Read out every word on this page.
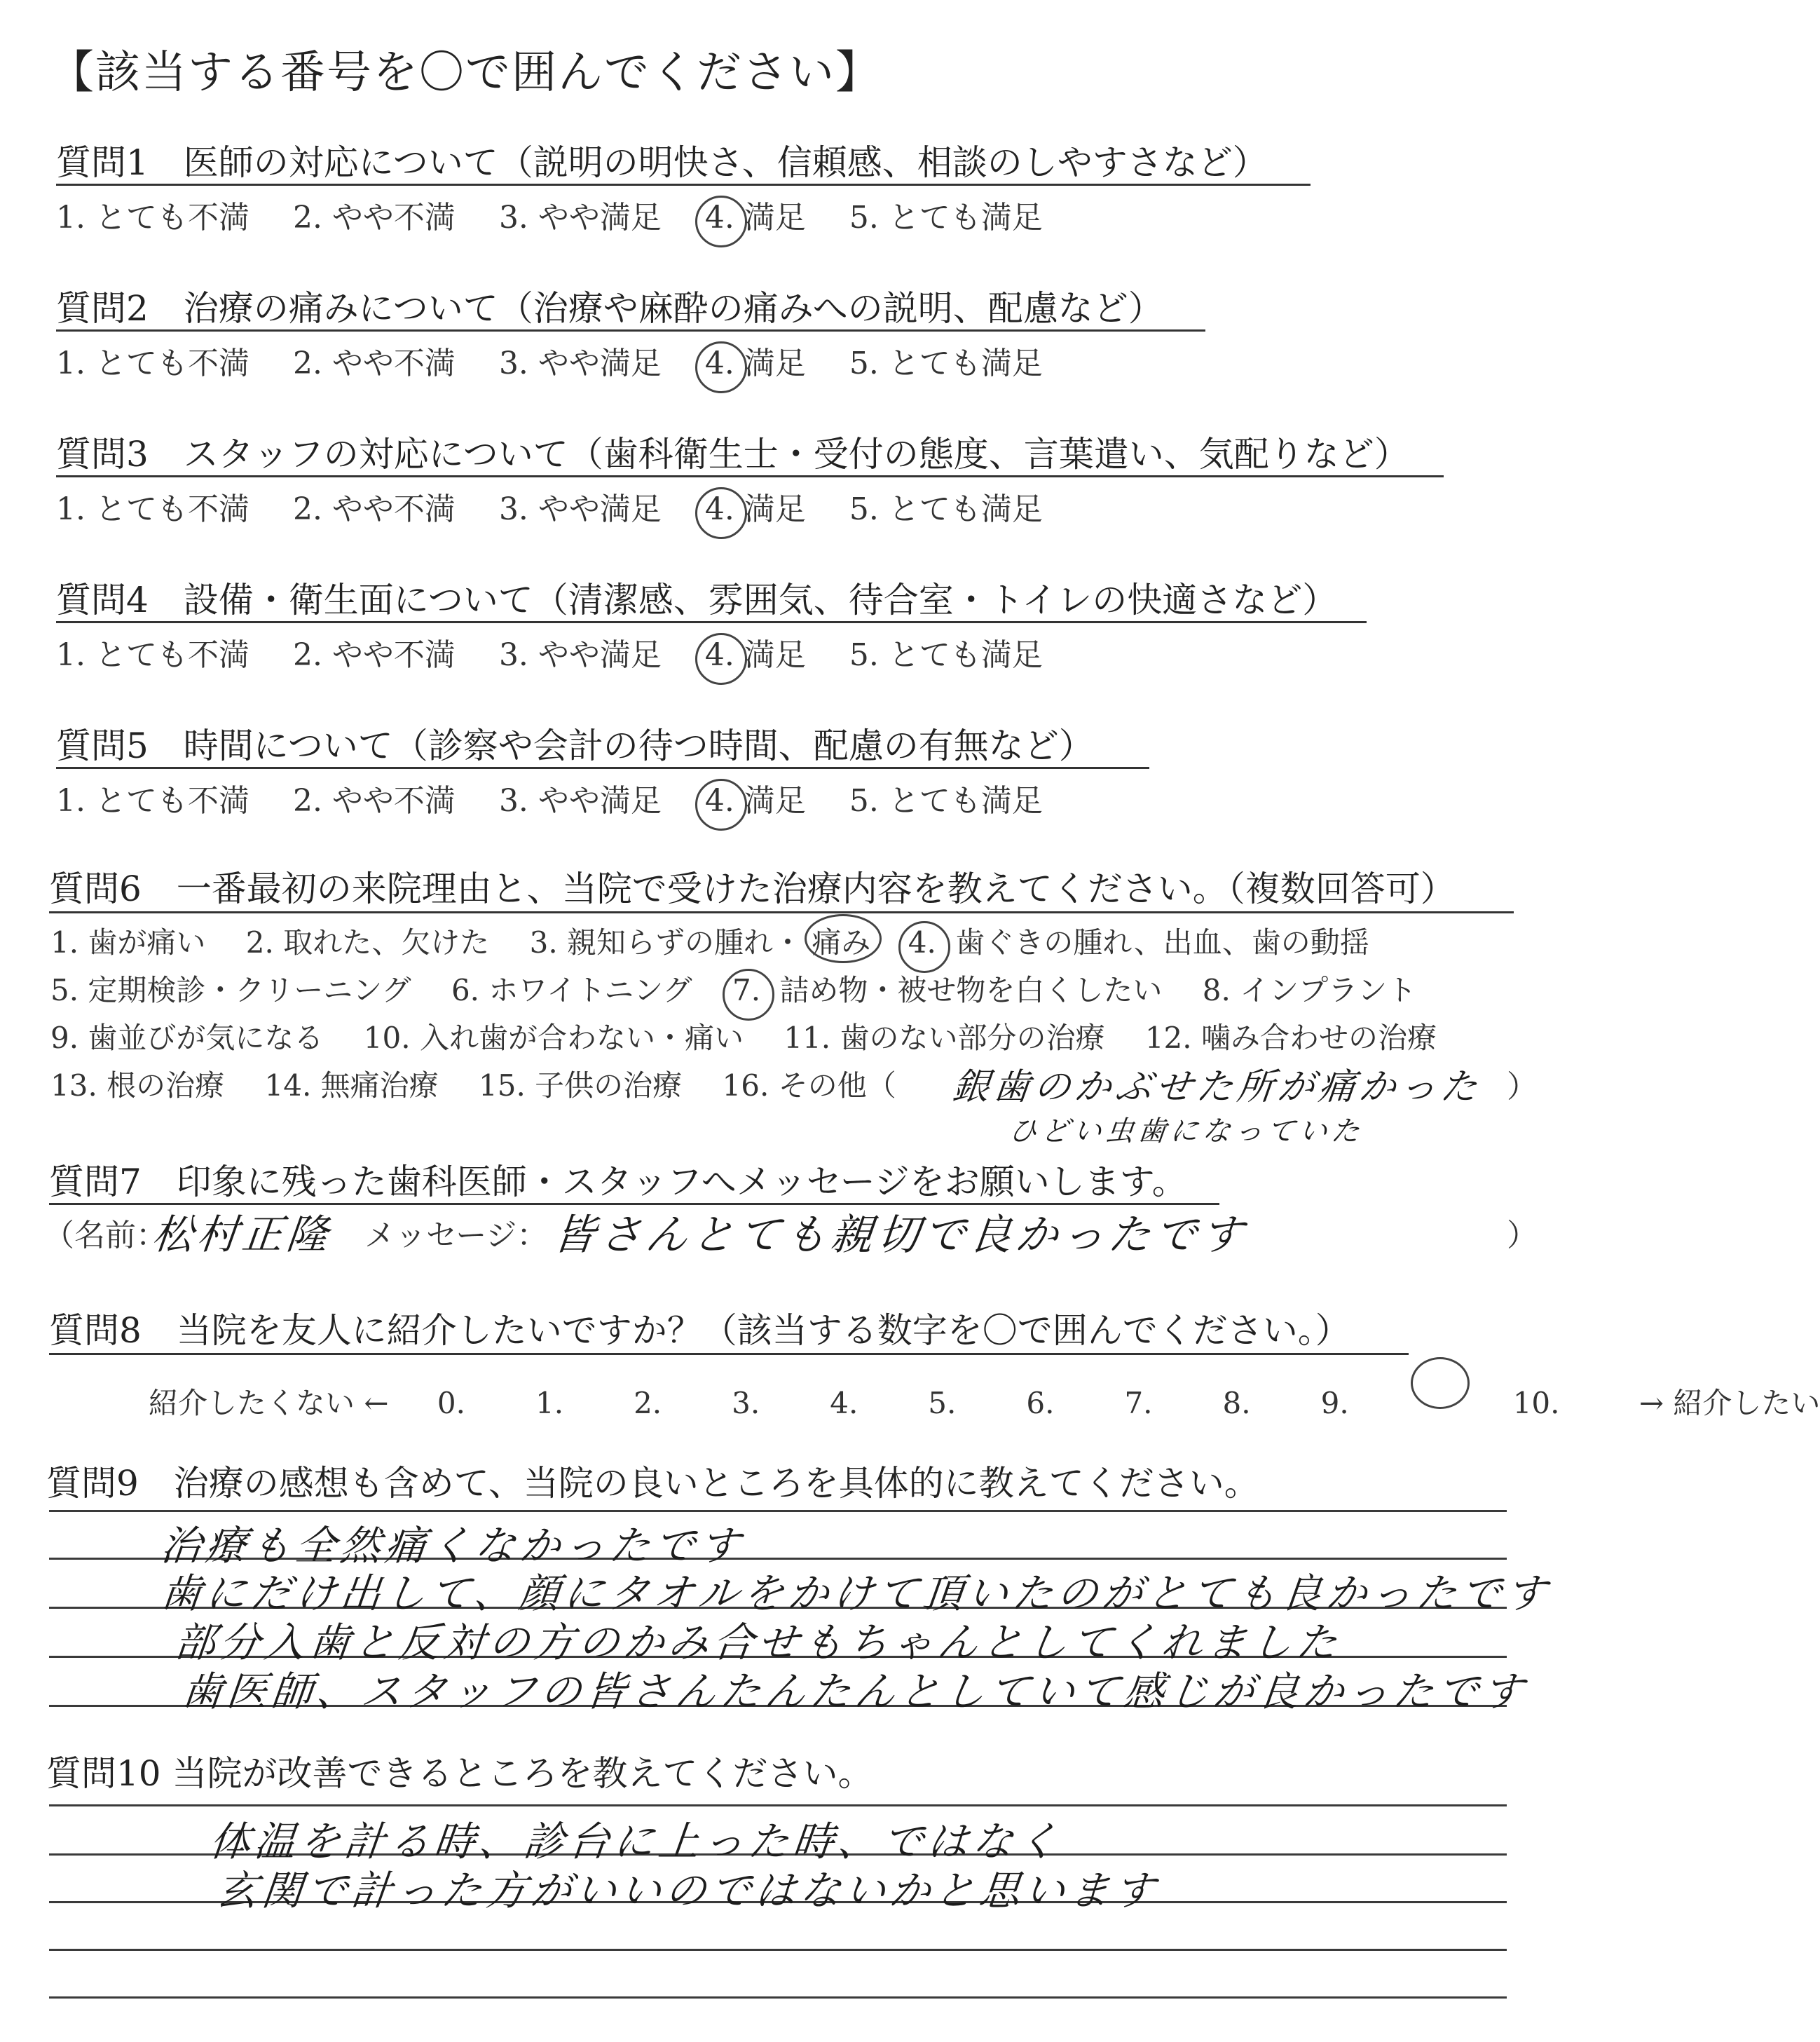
【該当する番号を〇で囲んでください】
質問1　医師の対応について（説明の明快さ、信頼感、相談のしやすさなど）
1. とても不満 2. やや不満 3. やや満足 4. 満足 5. とても満足
質問2　治療の痛みについて（治療や麻酔の痛みへの説明、配慮など）
1. とても不満 2. やや不満 3. やや満足 4. 満足 5. とても満足
質問3　スタッフの対応について（歯科衛生士・受付の態度、言葉遣い、気配りなど）
1. とても不満 2. やや不満 3. やや満足 4. 満足 5. とても満足
質問4　設備・衛生面について（清潔感、雰囲気、待合室・トイレの快適さなど）
1. とても不満 2. やや不満 3. やや満足 4. 満足 5. とても満足
質問5　時間について（診察や会計の待つ時間、配慮の有無など）
1. とても不満 2. やや不満 3. やや満足 4. 満足 5. とても満足
質問6　一番最初の来院理由と、当院で受けた治療内容を教えてください。（複数回答可）
1. 歯が痛い 2. 取れた、欠けた 3. 親知らずの腫れ・ 痛み 4. 歯ぐきの腫れ、出血、歯の動揺
5. 定期検診・クリーニング 6. ホワイトニング 7. 詰め物・被せ物を白くしたい 8. インプラント
9. 歯並びが気になる 10. 入れ歯が合わない・痛い 11. 歯のない部分の治療 12. 噛み合わせの治療
13. 根の治療 14. 無痛治療 15. 子供の治療 16. その他（	銀歯のかぶせた所が痛かった
ひどい虫歯になっていた
）
質問7　印象に残った歯科医師・スタッフへメッセージをお願いします。
（名前：
松村正隆 メッセージ： 皆さんとても親切で良かったです	）
質問8　当院を友人に紹介したいですか？（該当する数字を〇で囲んでください。）
紹介したくない ← 0. 1. 2. 3. 4. 5. 6. 7. 8. 9.	10.	→ 紹介したい
質問9　治療の感想も含めて、当院の良いところを具体的に教えてください。
治療も全然痛くなかったです
歯にだけ出して、顔にタオルをかけて頂いたのがとても良かったです
部分入歯と反対の方のかみ合せもちゃんとしてくれました
歯医師、スタッフの皆さんたんたんとしていて感じが良かったです
質問10 当院が改善できるところを教えてください。
体温を計る時、診台に上った時、ではなく
玄関で計った方がいいのではないかと思います
